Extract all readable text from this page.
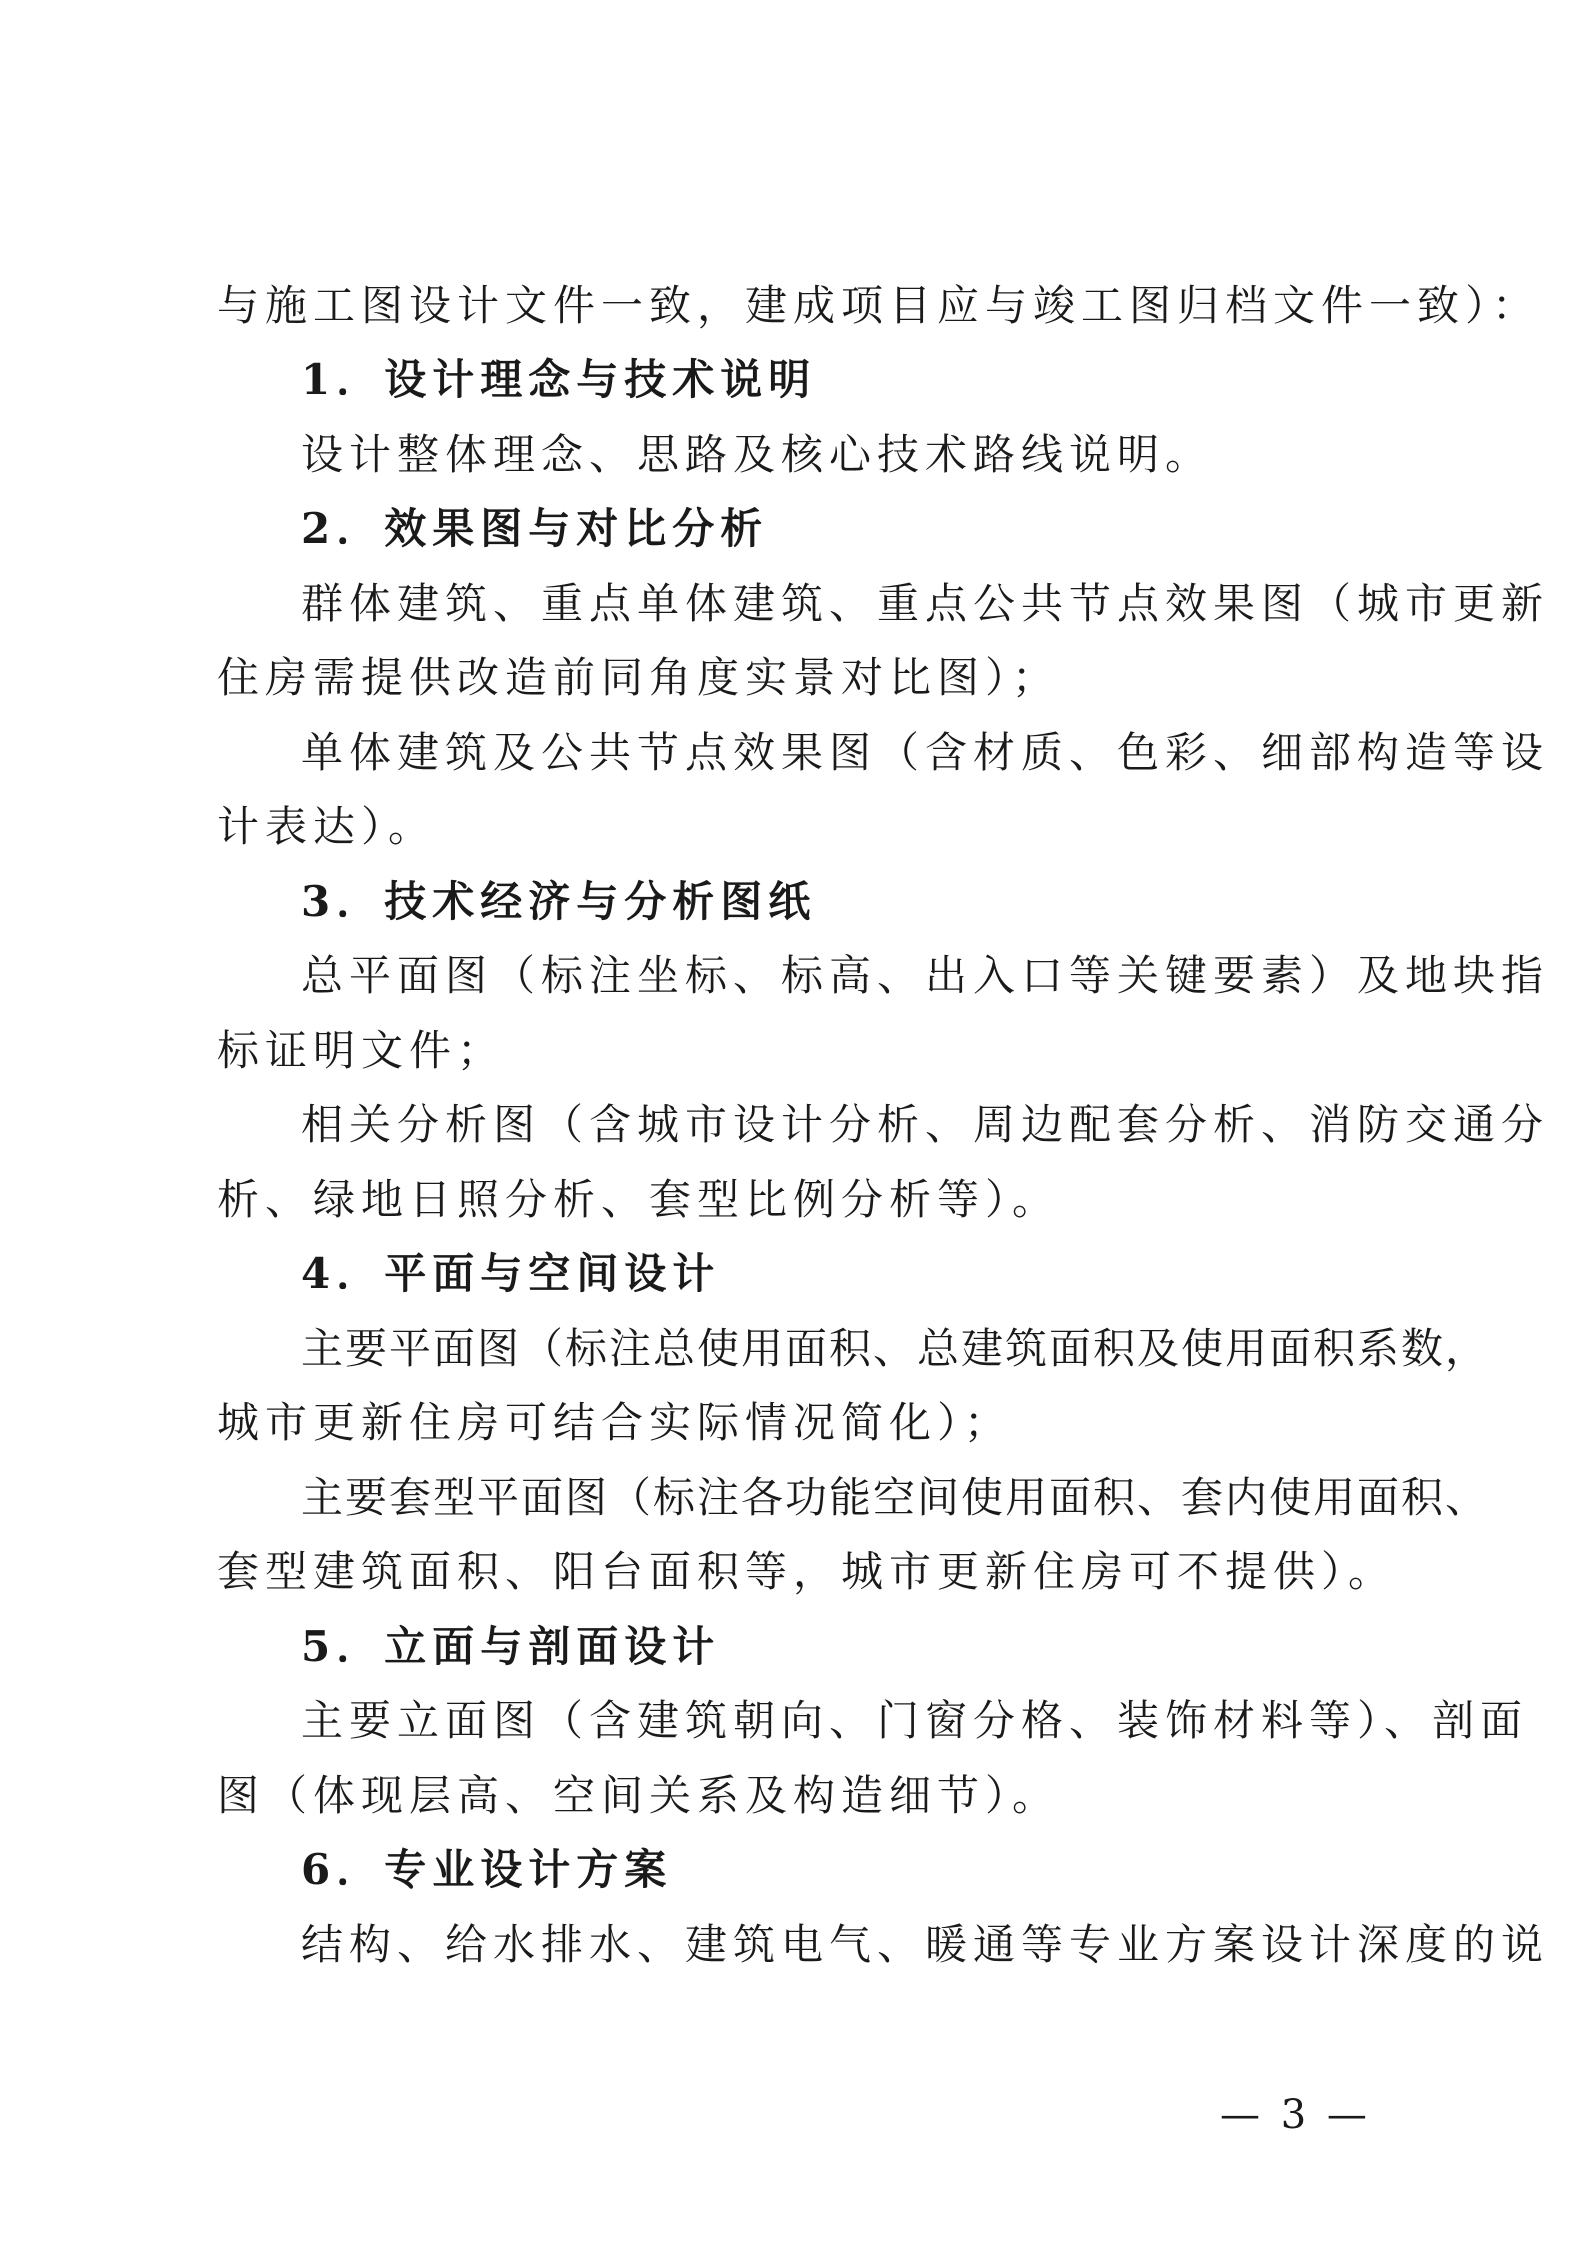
与施工图设计文件一致，建成项目应与竣工图归档文件一致）：
1．设计理念与技术说明
设计整体理念、思路及核心技术路线说明。
2．效果图与对比分析
群体建筑、重点单体建筑、重点公共节点效果图（城市更新
住房需提供改造前同角度实景对比图）；
单体建筑及公共节点效果图（含材质、色彩、细部构造等设
计表达）。
3．技术经济与分析图纸
总平面图（标注坐标、标高、出入口等关键要素）及地块指
标证明文件；
相关分析图（含城市设计分析、周边配套分析、消防交通分
析、绿地日照分析、套型比例分析等）。
4．平面与空间设计
主要平面图（标注总使用面积、总建筑面积及使用面积系数，
城市更新住房可结合实际情况简化）；
主要套型平面图（标注各功能空间使用面积、套内使用面积、
套型建筑面积、阳台面积等，城市更新住房可不提供）。
5．立面与剖面设计
主要立面图（含建筑朝向、门窗分格、装饰材料等）、剖面
图（体现层高、空间关系及构造细节）。
6．专业设计方案
结构、给水排水、建筑电气、暖通等专业方案设计深度的说
— 3 —
